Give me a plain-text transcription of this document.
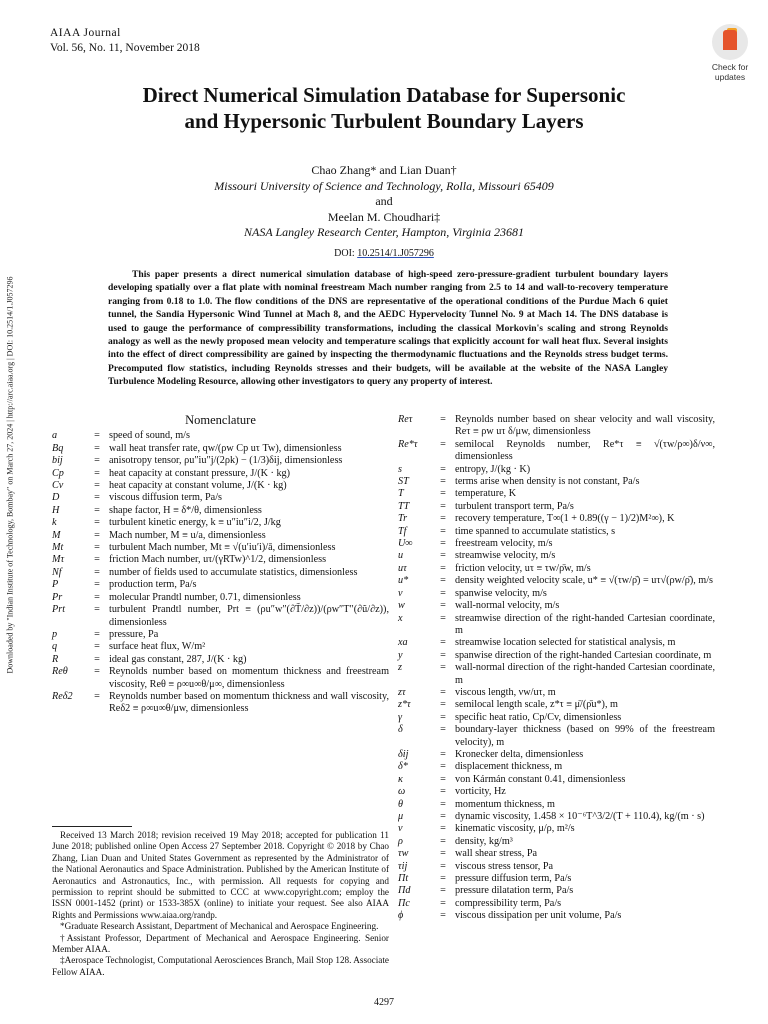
AIAA Journal
Vol. 56, No. 11, November 2018
Check for
updates
Direct Numerical Simulation Database for Supersonic
and Hypersonic Turbulent Boundary Layers
Chao Zhang* and Lian Duan†
Missouri University of Science and Technology, Rolla, Missouri 65409
and
Meelan M. Choudhari‡
NASA Langley Research Center, Hampton, Virginia 23681
DOI: 10.2514/1.J057296
Downloaded by "Indian Institute of Technology, Bombay" on March 27, 2024 | http://arc.aiaa.org | DOI: 10.2514/1.J057296
This paper presents a direct numerical simulation database of high-speed zero-pressure-gradient turbulent boundary layers developing spatially over a flat plate with nominal freestream Mach number ranging from 2.5 to 14 and wall-to-recovery temperature ranging from 0.18 to 1.0. The flow conditions of the DNS are representative of the operational conditions of the Purdue Mach 6 quiet tunnel, the Sandia Hypersonic Wind Tunnel at Mach 8, and the AEDC Hypervelocity Tunnel No. 9 at Mach 14. The DNS database is used to gauge the performance of compressibility transformations, including the classical Morkovin's scaling and strong Reynolds analogy as well as the newly proposed mean velocity and temperature scalings that explicitly account for wall heat flux. Several insights into the effect of direct compressibility are gained by inspecting the thermodynamic fluctuations and the Reynolds stress budget terms. Precomputed flow statistics, including Reynolds stresses and their budgets, will be available at the website of the NASA Langley Turbulence Modeling Resource, allowing other investigators to query any property of interest.
Nomenclature
a	= speed of sound, m/s
Bq	= wall heat transfer rate, qw/(ρw Cp uτ Tw), dimensionless
bij	= anisotropy tensor, ρu″iu″j/(2ρk) − (1/3)δij, dimensionless
Cp	= heat capacity at constant pressure, J/(K · kg)
Cv	= heat capacity at constant volume, J/(K · kg)
D	= viscous diffusion term, Pa/s
H	= shape factor, H ≡ δ*/θ, dimensionless
k	= turbulent kinetic energy, k ≡ u″iu″i/2, J/kg
M	= Mach number, M ≡ u/a, dimensionless
Mt	= turbulent Mach number, Mt ≡ √(u′iu′i)/ā, dimensionless
Mτ	= friction Mach number, uτ/(γRTw)^1/2, dimensionless
Nf	= number of fields used to accumulate statistics, dimensionless
P	= production term, Pa/s
Pr	= molecular Prandtl number, 0.71, dimensionless
Prt	= turbulent Prandtl number, Prt ≡ (ρu″w″(∂T̃/∂z))/(ρw″T″(∂ũ/∂z)), dimensionless
p	= pressure, Pa
q	= surface heat flux, W/m²
R	= ideal gas constant, 287, J/(K · kg)
Reθ	= Reynolds number based on momentum thickness and freestream viscosity, Reθ ≡ ρ∞u∞θ/μ∞, dimensionless
Reδ2	= Reynolds number based on momentum thickness and wall viscosity, Reδ2 ≡ ρ∞u∞θ/μw, dimensionless
Reτ	= Reynolds number based on shear velocity and wall viscosity, Reτ ≡ ρw uτ δ/μw, dimensionless
Re*τ	= semilocal Reynolds number, Re*τ ≡ √(τw/ρ∞)δ/ν∞, dimensionless
s	= entropy, J/(kg · K)
ST	= terms arise when density is not constant, Pa/s
T	= temperature, K
TT	= turbulent transport term, Pa/s
Tr	= recovery temperature, T∞(1 + 0.89((γ − 1)/2)M²∞), K
Tf	= time spanned to accumulate statistics, s
U∞	= freestream velocity, m/s
u	= streamwise velocity, m/s
uτ	= friction velocity, uτ ≡ τw/ρ̄w, m/s
u*	= density weighted velocity scale, u* ≡ √(τw/ρ̄) = uτ√(ρw/ρ̄), m/s
v	= spanwise velocity, m/s
w	= wall-normal velocity, m/s
x	= streamwise direction of the right-handed Cartesian coordinate, m
xa	= streamwise location selected for statistical analysis, m
y	= spanwise direction of the right-handed Cartesian coordinate, m
z	= wall-normal direction of the right-handed Cartesian coordinate, m
zτ	= viscous length, νw/uτ, m
z*τ	= semilocal length scale, z*τ ≡ μ̄/(ρ̄u*), m
γ	= specific heat ratio, Cp/Cv, dimensionless
δ	= boundary-layer thickness (based on 99% of the freestream velocity), m
δij	= Kronecker delta, dimensionless
δ*	= displacement thickness, m
κ	= von Kármán constant 0.41, dimensionless
ω	= vorticity, Hz
θ	= momentum thickness, m
μ	= dynamic viscosity, 1.458 × 10⁻⁶T^3/2/(T + 110.4), kg/(m · s)
ν	= kinematic viscosity, μ/ρ, m²/s
ρ	= density, kg/m³
τw	= wall shear stress, Pa
τij	= viscous stress tensor, Pa
Πt	= pressure diffusion term, Pa/s
Πd	= pressure dilatation term, Pa/s
Πc	= compressibility term, Pa/s
ϕ	= viscous dissipation per unit volume, Pa/s

Received 13 March 2018; revision received 19 May 2018; accepted for publication 11 June 2018; published online Open Access 27 September 2018. Copyright © 2018 by Chao Zhang, Lian Duan and United States Government as represented by the Administrator of the National Aeronautics and Space Administration. Published by the American Institute of Aeronautics and Astronautics, Inc., with permission. All requests for copying and permission to reprint should be submitted to CCC at www.copyright.com; employ the ISSN 0001-1452 (print) or 1533-385X (online) to initiate your request. See also AIAA Rights and Permissions www.aiaa.org/randp.

*Graduate Research Assistant, Department of Mechanical and Aerospace Engineering.

†Assistant Professor, Department of Mechanical and Aerospace Engineering. Senior Member AIAA.

‡Aerospace Technologist, Computational Aerosciences Branch, Mail Stop 128. Associate Fellow AIAA.

4297
